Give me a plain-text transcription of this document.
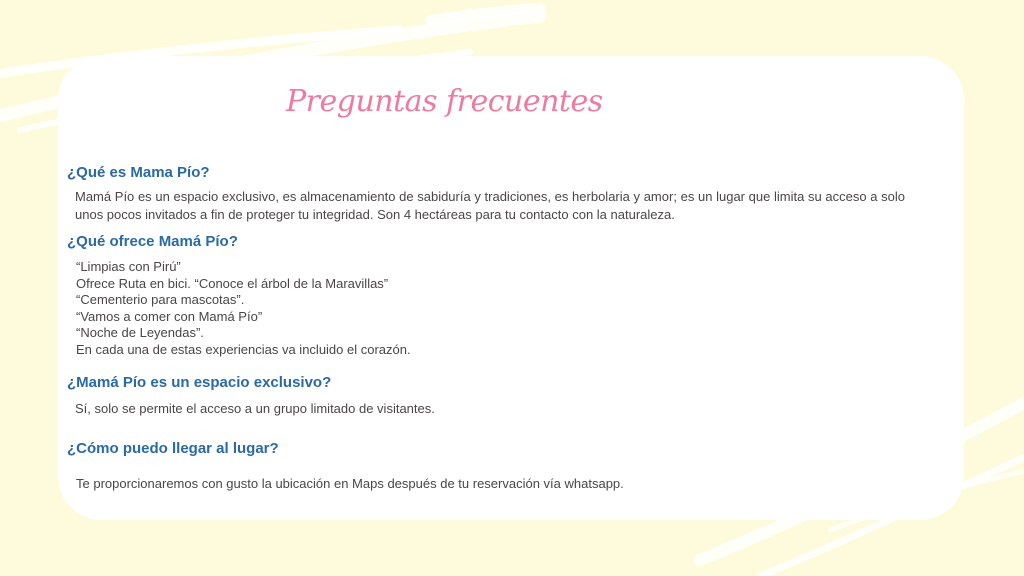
Preguntas frecuentes
¿Qué es Mama Pío?

Mamá Pío es un espacio exclusivo, es almacenamiento de sabiduría y tradiciones, es herbolaria y amor; es un lugar que limita su acceso a solo unos pocos invitados a fin de proteger tu integridad. Son 4 hectáreas para tu contacto con la naturaleza.

¿Qué ofrece Mamá Pío?
“Limpias con Pirú”
Ofrece Ruta en bici. “Conoce el árbol de la Maravillas”
“Cementerio para mascotas”.
“Vamos a comer con Mamá Pío”
“Noche de Leyendas”.
En cada una de estas experiencias va incluido el corazón.
¿Mamá Pío es un espacio exclusivo?

Sí, solo se permite el acceso a un grupo limitado de visitantes.

¿Cómo puedo llegar al lugar?

Te proporcionaremos con gusto la ubicación en Maps después de tu reservación vía whatsapp.
